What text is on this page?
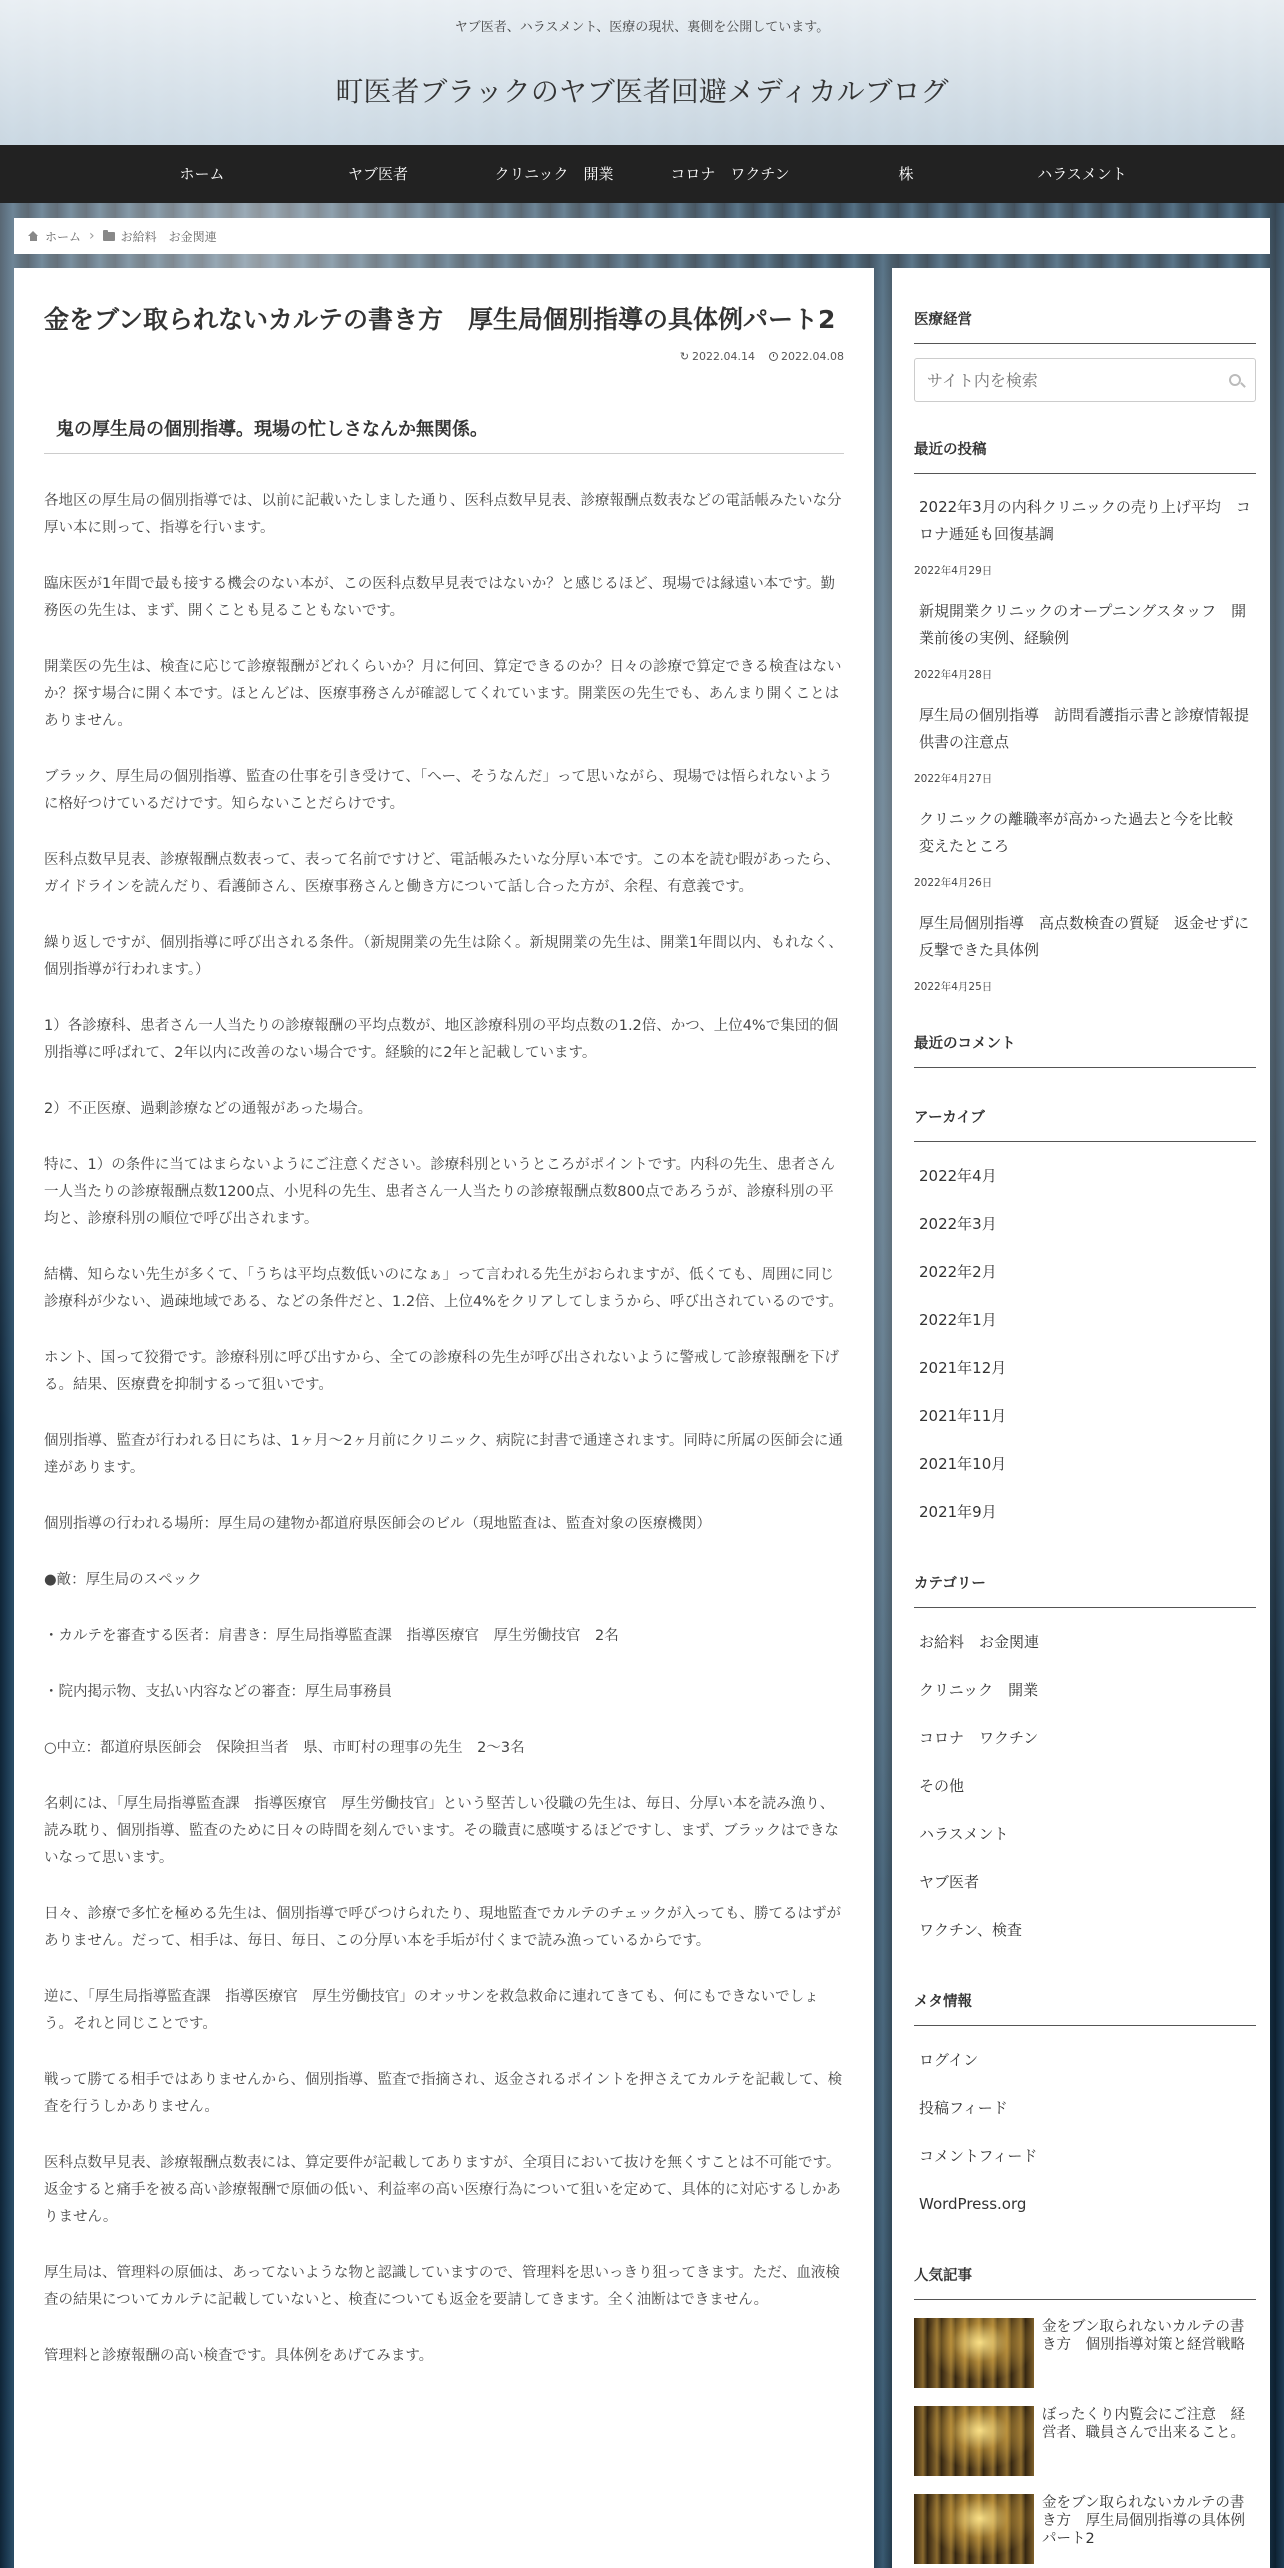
ヤブ医者、ハラスメント、医療の現状、裏側を公開しています。
町医者ブラックのヤブ医者回避メディカルブログ
ホーム	ヤブ医者	クリニック　開業	コロナ　ワクチン	株	ハラスメント
ホーム › お給料　お金関連
金をブン取られないカルテの書き方　厚生局個別指導の具体例パート2
↻ 2022.04.14 2022.04.08
鬼の厚生局の個別指導。現場の忙しさなんか無関係。

各地区の厚生局の個別指導では、以前に記載いたしました通り、医科点数早見表、診療報酬点数表などの電話帳みたいな分厚い本に則って、指導を行います。

臨床医が1年間で最も接する機会のない本が、この医科点数早見表ではないか？と感じるほど、現場では縁遠い本です。勤務医の先生は、まず、開くことも見ることもないです。

開業医の先生は、検査に応じて診療報酬がどれくらいか？月に何回、算定できるのか？日々の診療で算定できる検査はないか？探す場合に開く本です。ほとんどは、医療事務さんが確認してくれています。開業医の先生でも、あんまり開くことはありません。

ブラック、厚生局の個別指導、監査の仕事を引き受けて、「へー、そうなんだ」って思いながら、現場では悟られないように格好つけているだけです。知らないことだらけです。

医科点数早見表、診療報酬点数表って、表って名前ですけど、電話帳みたいな分厚い本です。この本を読む暇があったら、ガイドラインを読んだり、看護師さん、医療事務さんと働き方について話し合った方が、余程、有意義です。

繰り返しですが、個別指導に呼び出される条件。（新規開業の先生は除く。新規開業の先生は、開業1年間以内、もれなく、個別指導が行われます。）

1）各診療科、患者さん一人当たりの診療報酬の平均点数が、地区診療科別の平均点数の1.2倍、かつ、上位4%で集団的個別指導に呼ばれて、2年以内に改善のない場合です。経験的に2年と記載しています。

2）不正医療、過剰診療などの通報があった場合。

特に、1）の条件に当てはまらないようにご注意ください。診療科別というところがポイントです。内科の先生、患者さん一人当たりの診療報酬点数1200点、小児科の先生、患者さん一人当たりの診療報酬点数800点であろうが、診療科別の平均と、診療科別の順位で呼び出されます。

結構、知らない先生が多くて、「うちは平均点数低いのになぁ」って言われる先生がおられますが、低くても、周囲に同じ診療科が少ない、過疎地域である、などの条件だと、1.2倍、上位4%をクリアしてしまうから、呼び出されているのです。

ホント、国って狡猾です。診療科別に呼び出すから、全ての診療科の先生が呼び出されないように警戒して診療報酬を下げる。結果、医療費を抑制するって狙いです。

個別指導、監査が行われる日にちは、1ヶ月〜2ヶ月前にクリニック、病院に封書で通達されます。同時に所属の医師会に通達があります。

個別指導の行われる場所：厚生局の建物か都道府県医師会のビル（現地監査は、監査対象の医療機関）

●敵：厚生局のスペック

・カルテを審査する医者：肩書き：厚生局指導監査課　指導医療官　厚生労働技官　2名

・院内掲示物、支払い内容などの審査：厚生局事務員

○中立：都道府県医師会　保険担当者　県、市町村の理事の先生　2〜3名

名刺には、「厚生局指導監査課　指導医療官　厚生労働技官」という堅苦しい役職の先生は、毎日、分厚い本を読み漁り、読み耽り、個別指導、監査のために日々の時間を刻んでいます。その職責に感嘆するほどですし、まず、ブラックはできないなって思います。

日々、診療で多忙を極める先生は、個別指導で呼びつけられたり、現地監査でカルテのチェックが入っても、勝てるはずがありません。だって、相手は、毎日、毎日、この分厚い本を手垢が付くまで読み漁っているからです。

逆に、「厚生局指導監査課　指導医療官　厚生労働技官」のオッサンを救急救命に連れてきても、何にもできないでしょう。それと同じことです。

戦って勝てる相手ではありませんから、個別指導、監査で指摘され、返金されるポイントを押さえてカルテを記載して、検査を行うしかありません。

医科点数早見表、診療報酬点数表には、算定要件が記載してありますが、全項目において抜けを無くすことは不可能です。返金すると痛手を被る高い診療報酬で原価の低い、利益率の高い医療行為について狙いを定めて、具体的に対応するしかありません。

厚生局は、管理料の原価は、あってないような物と認識していますので、管理料を思いっきり狙ってきます。ただ、血液検査の結果についてカルテに記載していないと、検査についても返金を要請してきます。全く油断はできません。

管理料と診療報酬の高い検査です。具体例をあげてみます。

医療経営
サイト内を検索
最近の投稿
2022年3月の内科クリニックの売り上げ平均　コロナ逓延も回復基調
2022年4月29日
新規開業クリニックのオープニングスタッフ　開業前後の実例、経験例
2022年4月28日
厚生局の個別指導　訪問看護指示書と診療情報提供書の注意点
2022年4月27日
クリニックの離職率が高かった過去と今を比較　変えたところ
2022年4月26日
厚生局個別指導　高点数検査の質疑　返金せずに反撃できた具体例
2022年4月25日
最近のコメント
アーカイブ
2022年4月
2022年3月
2022年2月
2022年1月
2021年12月
2021年11月
2021年10月
2021年9月
カテゴリー
お給料　お金関連
クリニック　開業
コロナ　ワクチン
その他
ハラスメント
ヤブ医者
ワクチン、検査
メタ情報
ログイン
投稿フィード
コメントフィード
WordPress.org
人気記事
金をブン取られないカルテの書き方　個別指導対策と経営戦略
ぼったくり内覧会にご注意　経営者、職員さんで出来ること。
金をブン取られないカルテの書き方　厚生局個別指導の具体例パート2
